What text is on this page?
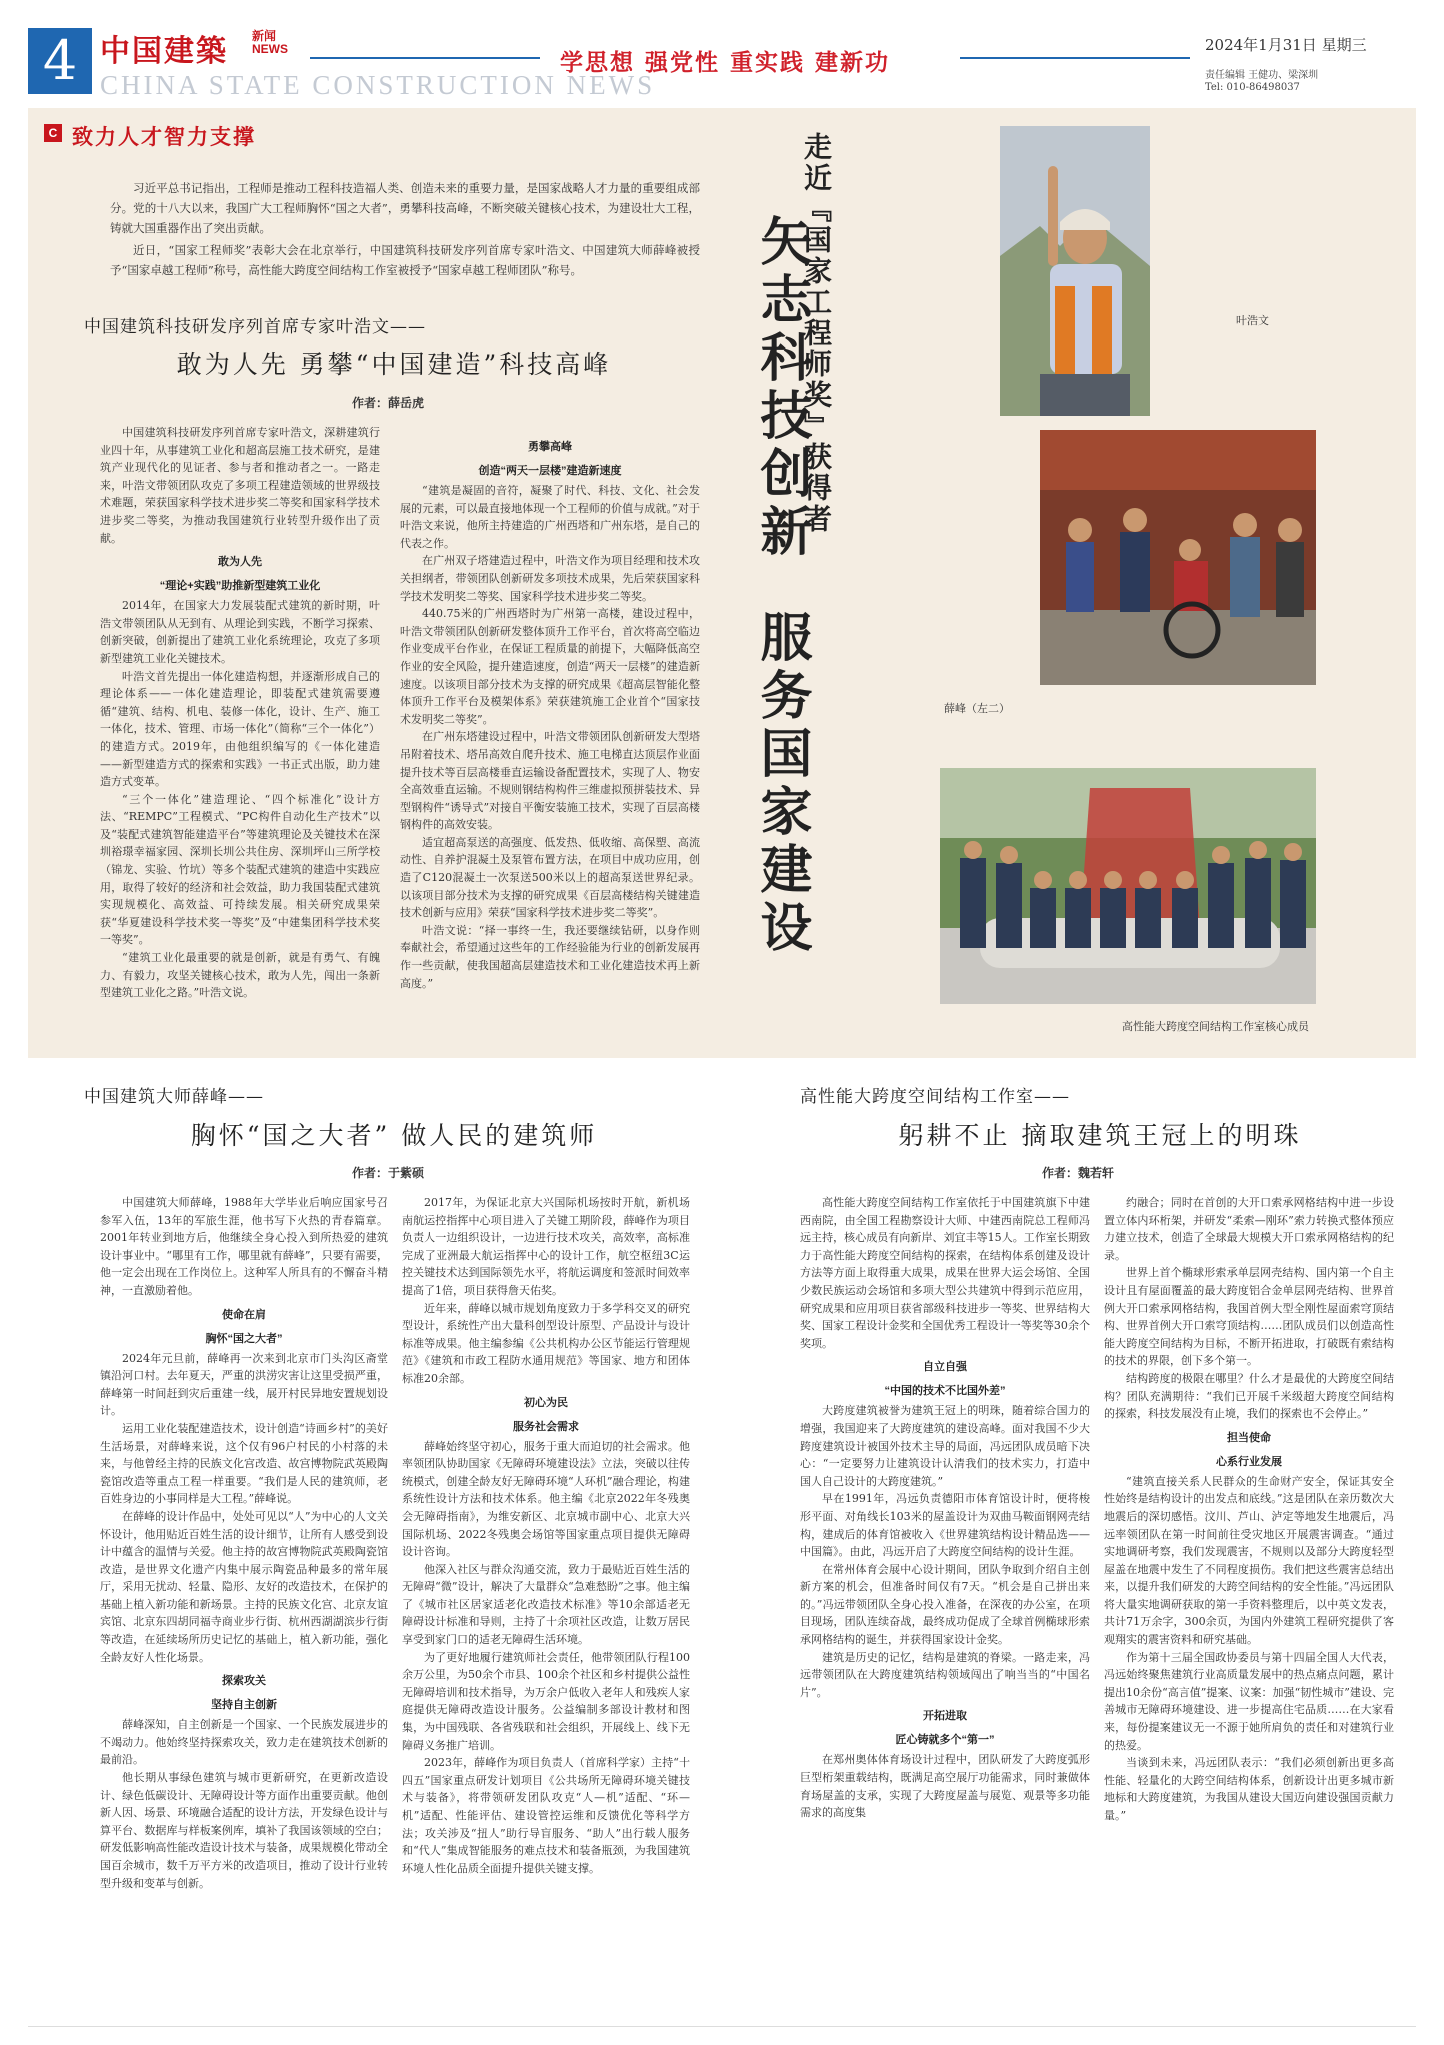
4 中国建築 新闻
NEWS
CHINA STATE CONSTRUCTION NEWS
学思想 强党性 重实践 建新功
2024年1月31日 星期三
责任编辑 王健功、梁深圳
Tel: 010-86498037
C 致力人才智力支撑

习近平总书记指出，工程师是推动工程科技造福人类、创造未来的重要力量，是国家战略人才力量的重要组成部分。党的十八大以来，我国广大工程师胸怀“国之大者”，勇攀科技高峰，不断突破关键核心技术，为建设壮大工程，铸就大国重器作出了突出贡献。

近日，“国家工程师奖”表彰大会在北京举行，中国建筑科技研发序列首席专家叶浩文、中国建筑大师薛峰被授予“国家卓越工程师”称号，高性能大跨度空间结构工作室被授予“国家卓越工程师团队”称号。

中国建筑科技研发序列首席专家叶浩文——
敢为人先 勇攀“中国建造”科技高峰
作者：薛岳虎

中国建筑科技研发序列首席专家叶浩文，深耕建筑行业四十年，从事建筑工业化和超高层施工技术研究，是建筑产业现代化的见证者、参与者和推动者之一。一路走来，叶浩文带领团队攻克了多项工程建造领域的世界级技术难题，荣获国家科学技术进步奖二等奖和国家科学技术进步奖二等奖，为推动我国建筑行业转型升级作出了贡献。

敢为人先
“理论+实践”助推新型建筑工业化

2014年，在国家大力发展装配式建筑的新时期，叶浩文带领团队从无到有、从理论到实践，不断学习探索、创新突破，创新提出了建筑工业化系统理论，攻克了多项新型建筑工业化关键技术。

叶浩文首先提出一体化建造构想，并逐渐形成自己的理论体系——一体化建造理论，即装配式建筑需要遵循“建筑、结构、机电、装修一体化，设计、生产、施工一体化，技术、管理、市场一体化”（简称“三个一体化”）的建造方式。2019年，由他组织编写的《一体化建造——新型建造方式的探索和实践》一书正式出版，助力建造方式变革。

“三个一体化”建造理论、“四个标准化”设计方法、“REMPC”工程模式、“PC构件自动化生产技术”以及“装配式建筑智能建造平台”等建筑理论及关键技术在深圳裕璟幸福家园、深圳长圳公共住房、深圳坪山三所学校（锦龙、实验、竹坑）等多个装配式建筑的建造中实践应用，取得了较好的经济和社会效益，助力我国装配式建筑实现规模化、高效益、可持续发展。相关研究成果荣获“华夏建设科学技术奖一等奖”及“中建集团科学技术奖一等奖”。

“建筑工业化最重要的就是创新，就是有勇气、有魄力、有毅力，攻坚关键核心技术，敢为人先，闯出一条新型建筑工业化之路。”叶浩文说。

勇攀高峰
创造“两天一层楼”建造新速度

“建筑是凝固的音符，凝聚了时代、科技、文化、社会发展的元素，可以最直接地体现一个工程师的价值与成就。”对于叶浩文来说，他所主持建造的广州西塔和广州东塔，是自己的代表之作。

在广州双子塔建造过程中，叶浩文作为项目经理和技术攻关担纲者，带领团队创新研发多项技术成果，先后荣获国家科学技术发明奖二等奖、国家科学技术进步奖二等奖。

440.75米的广州西塔时为广州第一高楼，建设过程中，叶浩文带领团队创新研发整体顶升工作平台，首次将高空临边作业变成平台作业，在保证工程质量的前提下，大幅降低高空作业的安全风险，提升建造速度，创造“两天一层楼”的建造新速度。以该项目部分技术为支撑的研究成果《超高层智能化整体顶升工作平台及模架体系》荣获建筑施工企业首个“国家技术发明奖二等奖”。

在广州东塔建设过程中，叶浩文带领团队创新研发大型塔吊附着技术、塔吊高效自爬升技术、施工电梯直达顶层作业面提升技术等百层高楼垂直运输设备配置技术，实现了人、物安全高效垂直运输。不规则钢结构构件三维虚拟预拼装技术、异型钢构件“诱导式”对接自平衡安装施工技术，实现了百层高楼钢构件的高效安装。

适宜超高泵送的高强度、低发热、低收缩、高保塑、高流动性、自养护混凝土及泵管布置方法，在项目中成功应用，创造了C120混凝土一次泵送500米以上的超高泵送世界纪录。以该项目部分技术为支撑的研究成果《百层高楼结构关键建造技术创新与应用》荣获“国家科学技术进步奖二等奖”。

叶浩文说：“择一事终一生，我还要继续钻研，以身作则奉献社会，希望通过这些年的工作经验能为行业的创新发展再作一些贡献，使我国超高层建造技术和工业化建造技术再上新高度。”

走近『国家工程师奖』获得者
矢志科技创新
服务国家建设
叶浩文
薛峰（左二）
高性能大跨度空间结构工作室核心成员
中国建筑大师薛峰——
胸怀“国之大者” 做人民的建筑师
作者：于紫硕

中国建筑大师薛峰，1988年大学毕业后响应国家号召参军入伍，13年的军旅生涯，他书写下火热的青春篇章。2001年转业到地方后，他继续全身心投入到所热爱的建筑设计事业中。“哪里有工作，哪里就有薛峰”，只要有需要，他一定会出现在工作岗位上。这种军人所具有的不懈奋斗精神，一直激励着他。

使命在肩
胸怀“国之大者”

2024年元旦前，薛峰再一次来到北京市门头沟区斋堂镇沿河口村。去年夏天，严重的洪涝灾害让这里受损严重，薛峰第一时间赶到灾后重建一线，展开村民异地安置规划设计。

运用工业化装配建造技术，设计创造“诗画乡村”的美好生活场景，对薛峰来说，这个仅有96户村民的小村落的未来，与他曾经主持的民族文化宫改造、故宫博物院武英殿陶瓷馆改造等重点工程一样重要。“我们是人民的建筑师，老百姓身边的小事同样是大工程。”薛峰说。

在薛峰的设计作品中，处处可见以“人”为中心的人文关怀设计，他用贴近百姓生活的设计细节，让所有人感受到设计中蕴含的温情与关爱。他主持的故宫博物院武英殿陶瓷馆改造，是世界文化遗产内集中展示陶瓷品种最多的常年展厅，采用无扰动、轻量、隐形、友好的改造技术，在保护的基础上植入新功能和新场景。主持的民族文化宫、北京友谊宾馆、北京东四胡同福寺商业步行街、杭州西湖湖滨步行街等改造，在延续场所历史记忆的基础上，植入新功能，强化全龄友好人性化场景。

探索攻关
坚持自主创新

薛峰深知，自主创新是一个国家、一个民族发展进步的不竭动力。他始终坚持探索攻关，致力走在建筑技术创新的最前沿。

他长期从事绿色建筑与城市更新研究，在更新改造设计、绿色低碳设计、无障碍设计等方面作出重要贡献。他创新人因、场景、环境融合适配的设计方法，开发绿色设计与算平台、数据库与样板案例库，填补了我国该领域的空白；研发低影响高性能改造设计技术与装备，成果规模化带动全国百余城市，数千万平方米的改造项目，推动了设计行业转型升级和变革与创新。

2017年，为保证北京大兴国际机场按时开航，新机场南航运控指挥中心项目进入了关键工期阶段，薛峰作为项目负责人一边组织设计，一边进行技术攻关，高效率，高标准完成了亚洲最大航运指挥中心的设计工作，航空枢纽3C运控关键技术达到国际领先水平，将航运调度和签派时间效率提高了1倍，项目获得詹天佑奖。

近年来，薛峰以城市规划角度致力于多学科交叉的研究型设计，系统性产出大量科创型设计原型、产品设计与设计标准等成果。他主编参编《公共机构办公区节能运行管理规范》《建筑和市政工程防水通用规范》等国家、地方和团体标准20余部。

初心为民
服务社会需求

薛峰始终坚守初心，服务于重大而迫切的社会需求。他率领团队协助国家《无障碍环境建设法》立法，突破以往传统模式，创建全龄友好无障碍环境“人环机”融合理论，构建系统性设计方法和技术体系。他主编《北京2022年冬残奥会无障碍指南》，为维安新区、北京城市副中心、北京大兴国际机场、2022冬残奥会场馆等国家重点项目提供无障碍设计咨询。

他深入社区与群众沟通交流，致力于最贴近百姓生活的无障碍“微”设计，解决了大量群众“急难愁盼”之事。他主编了《城市社区居家适老化改造技术标准》等10余部适老无障碍设计标准和导则，主持了十余项社区改造，让数万居民享受到家门口的适老无障碍生活环境。

为了更好地履行建筑师社会责任，他带领团队行程100余万公里，为50余个市县、100余个社区和乡村提供公益性无障碍培训和技术指导，为万余户低收入老年人和残疾人家庭提供无障碍改造设计服务。公益编制多部设计教材和图集，为中国残联、各省残联和社会组织，开展线上、线下无障碍义务推广培训。

2023年，薛峰作为项目负责人（首席科学家）主持“十四五”国家重点研发计划项目《公共场所无障碍环境关键技术与装备》，将带领研发团队攻克“人—机”适配、“环—机”适配、性能评估、建设管控运维和反馈优化等科学方法；攻关涉及“扭人”助行导盲服务、“助人”出行载人服务和“代人”集成智能服务的难点技术和装备瓶颈，为我国建筑环境人性化品质全面提升提供关键支撑。

高性能大跨度空间结构工作室——
躬耕不止 摘取建筑王冠上的明珠
作者：魏若轩

高性能大跨度空间结构工作室依托于中国建筑旗下中建西南院，由全国工程勘察设计大师、中建西南院总工程师冯远主持，核心成员有向新岸、刘宜丰等15人。工作室长期致力于高性能大跨度空间结构的探索，在结构体系创建及设计方法等方面上取得重大成果，成果在世界大运会场馆、全国少数民族运动会场馆和多项大型公共建筑中得到示范应用，研究成果和应用项目获省部级科技进步一等奖、世界结构大奖、国家工程设计金奖和全国优秀工程设计一等奖等30余个奖项。

自立自强
“中国的技术不比国外差”

大跨度建筑被誉为建筑王冠上的明珠，随着综合国力的增强，我国迎来了大跨度建筑的建设高峰。面对我国不少大跨度建筑设计被国外技术主导的局面，冯远团队成员暗下决心：“一定要努力让建筑设计认清我们的技术实力，打造中国人自己设计的大跨度建筑。”

早在1991年，冯远负责德阳市体育馆设计时，便将梭形平面、对角线长103米的屋盖设计为双曲马鞍面钢网壳结构，建成后的体育馆被收入《世界建筑结构设计精品选——中国篇》。由此，冯远开启了大跨度空间结构的设计生涯。

在常州体育会展中心设计期间，团队争取到介绍自主创新方案的机会，但准备时间仅有7天。“机会是自己拼出来的。”冯远带领团队全身心投入准备，在深夜的办公室，在项目现场，团队连续奋战，最终成功促成了全球首例椭球形索承网格结构的诞生，并获得国家设计金奖。

建筑是历史的记忆，结构是建筑的脊梁。一路走来，冯远带领团队在大跨度建筑结构领域闯出了响当当的“中国名片”。

开拓进取
匠心铸就多个“第一”

在郑州奥体体育场设计过程中，团队研发了大跨度弧形巨型桁架重载结构，既满足高空展厅功能需求，同时兼做体育场屋盖的支承，实现了大跨度屋盖与展览、观景等多功能需求的高度集

约融合；同时在首创的大开口索承网格结构中进一步设置立体内环桁架，并研发“柔索—刚环”索力转换式整体预应力建立技术，创造了全球最大规模大开口索承网格结构的纪录。

世界上首个椭球形索承单层网壳结构、国内第一个自主设计且有屋面覆盖的最大跨度铝合金单层网壳结构、世界首例大开口索承网格结构，我国首例大型全刚性屋面索穹顶结构、世界首例大开口索穹顶结构……团队成员们以创造高性能大跨度空间结构为目标，不断开拓进取，打破既有索结构的技术的界限，创下多个第一。

结构跨度的极限在哪里？什么才是最优的大跨度空间结构？团队充满期待：“我们已开展千米级超大跨度空间结构的探索，科技发展没有止境，我们的探索也不会停止。”

担当使命
心系行业发展

“建筑直接关系人民群众的生命财产安全，保证其安全性始终是结构设计的出发点和底线。”这是团队在亲历数次大地震后的深切感悟。汶川、芦山、泸定等地发生地震后，冯远率领团队在第一时间前往受灾地区开展震害调查。“通过实地调研考察，我们发现震害，不规则以及部分大跨度轻型屋盖在地震中发生了不同程度损伤。我们把这些震害总结出来，以提升我们研发的大跨空间结构的安全性能。”冯远团队将大量实地调研获取的第一手资料整理后，以中英文发表，共计71万余字，300余页，为国内外建筑工程研究提供了客观翔实的震害资料和研究基础。

作为第十三届全国政协委员与第十四届全国人大代表，冯远始终聚焦建筑行业高质量发展中的热点痛点问题，累计提出10余份“高言值”提案、议案：加强“韧性城市”建设、完善城市无障碍环境建设、进一步提高住宅品质……在大家看来，每份提案建议无一不源于她所肩负的责任和对建筑行业的热爱。

当谈到未来，冯远团队表示：“我们必须创新出更多高性能、轻量化的大跨空间结构体系，创新设计出更多城市新地标和大跨度建筑，为我国从建设大国迈向建设强国贡献力量。”
